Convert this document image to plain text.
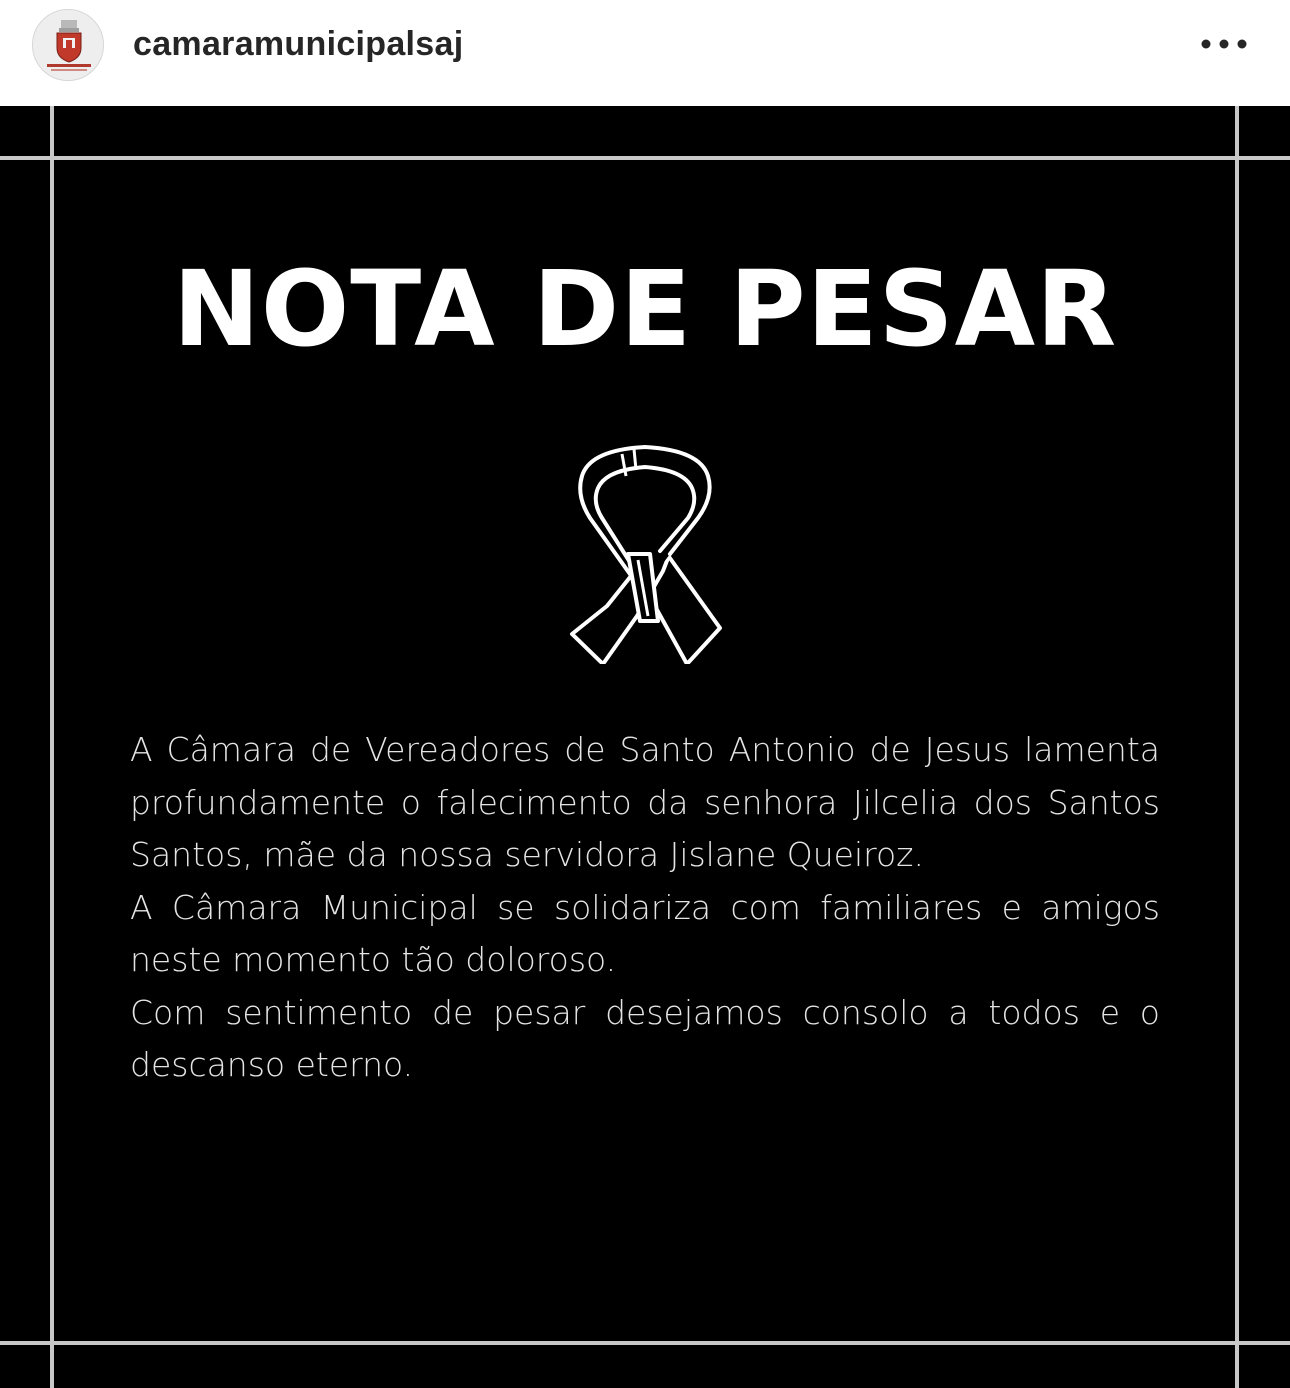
camaramunicipalsaj
NOTA DE PESAR

A Câmara de Vereadores de Santo Antonio de Jesus lamenta profundamente o falecimento da senhora Jilcelia dos Santos Santos, mãe da nossa servidora Jislane Queiroz.

A Câmara Municipal se solidariza com familiares e amigos neste momento tão doloroso.

Com sentimento de pesar desejamos consolo a todos e o descanso eterno.
